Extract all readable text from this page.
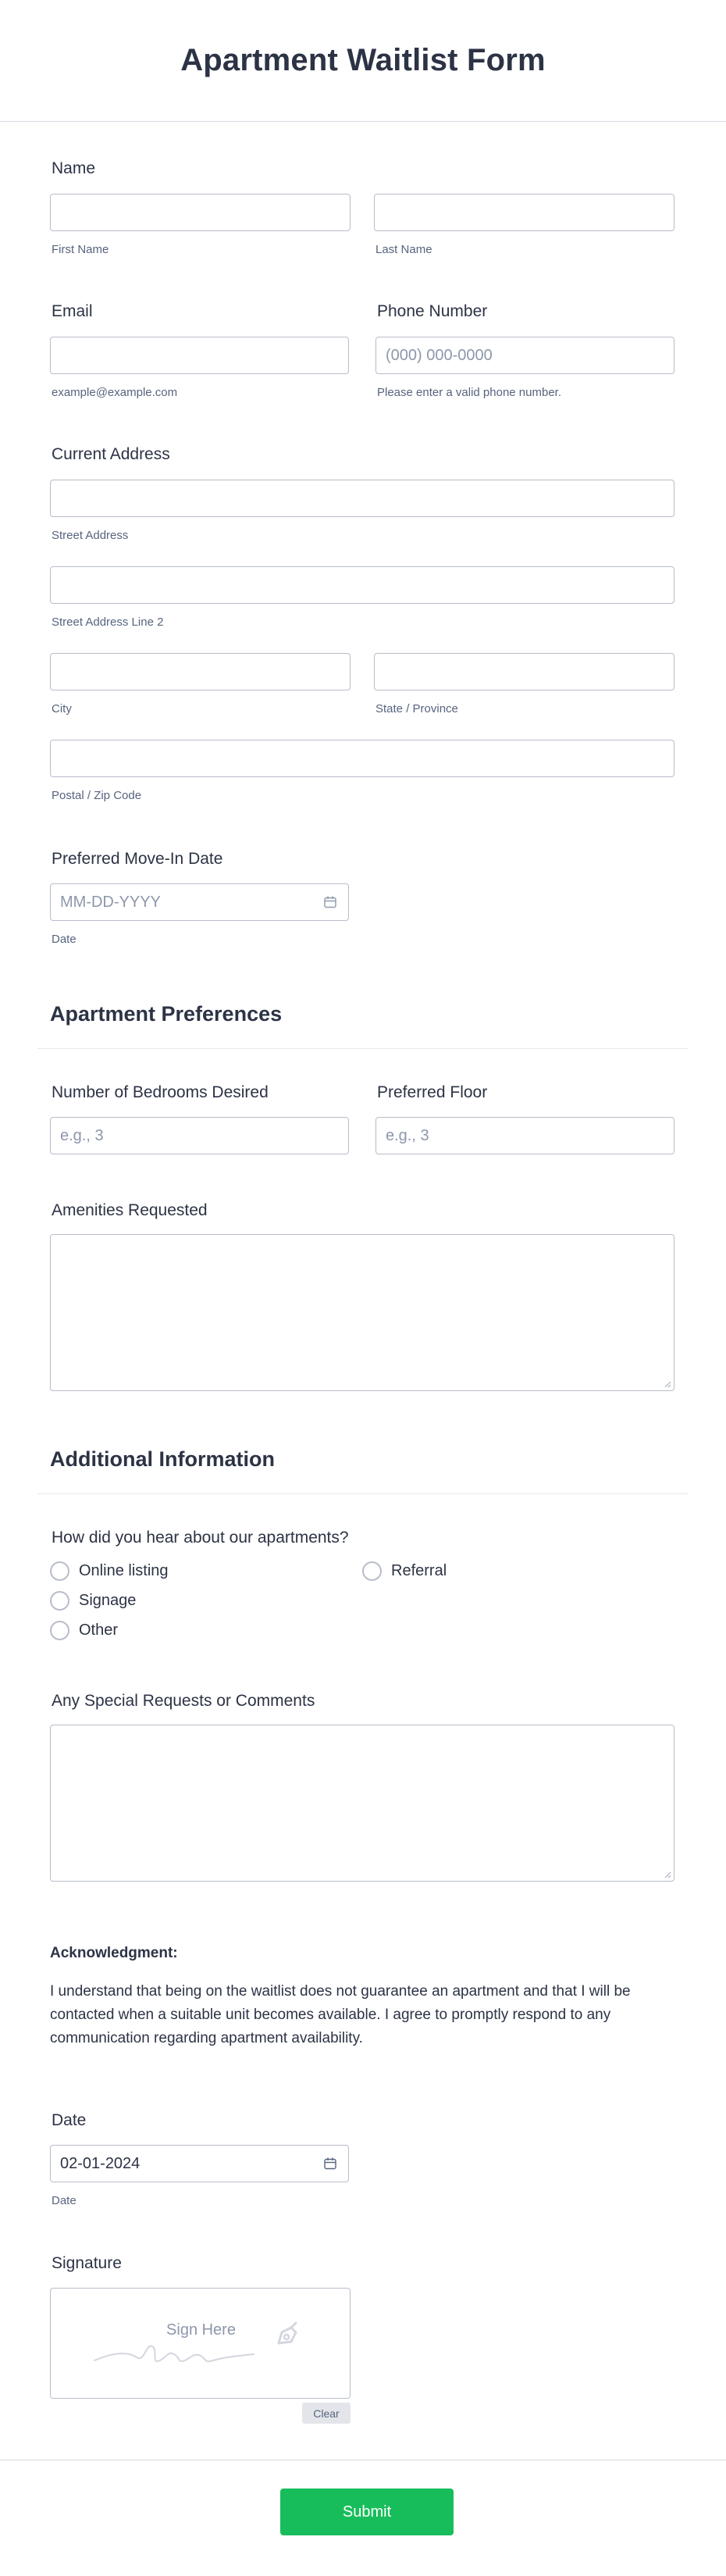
Apartment Waitlist Form
Name
First Name	Last Name
Email
example@example.com
Phone Number
(000) 000-0000
Please enter a valid phone number.
Current Address
Street Address
Street Address Line 2
City	State / Province
Postal / Zip Code
Preferred Move-In Date
MM-DD-YYYY
Date
Apartment Preferences
Number of Bedrooms Desired
e.g., 3
Preferred Floor
e.g., 3
Amenities Requested
Additional Information
How did you hear about our apartments?
Online listing	Referral
Signage
Other
Any Special Requests or Comments
Acknowledgment:
I understand that being on the waitlist does not guarantee an apartment and that I will be contacted when a suitable unit becomes available. I agree to promptly respond to any communication regarding apartment availability.
Date
02-01-2024
Date
Signature
Sign Here
Clear
Submit
